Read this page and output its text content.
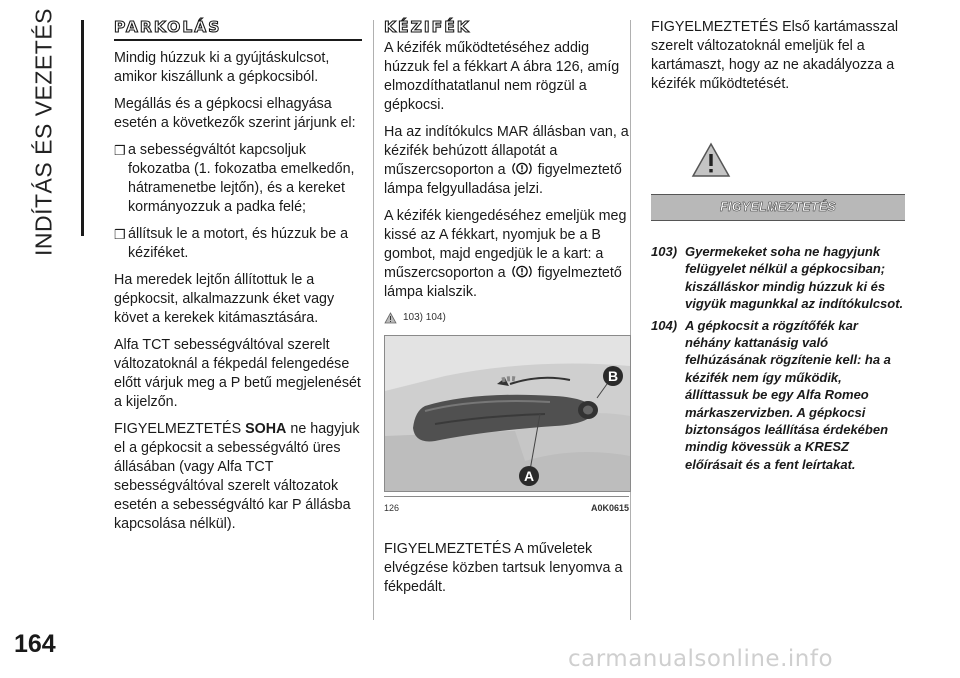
INDÍTÁS ÉS VEZETÉS
164
PARKOLÁS

Mindig húzzuk ki a gyújtáskulcsot, amikor kiszállunk a gépkocsiból.

Megállás és a gépkocsi elhagyása esetén a következők szerint járjunk el:

❒ a sebességváltót kapcsoljuk fokozatba (1. fokozatba emelkedőn, hátramenetbe lejtőn), és a kereket kormányozzuk a padka felé;
❒ állítsuk le a motort, és húzzuk be a kéziféket.

Ha meredek lejtőn állítottuk le a gépkocsit, alkalmazzunk éket vagy követ a kerekek kitámasztására.

Alfa TCT sebességváltóval szerelt változatoknál a fékpedál felengedése előtt várjuk meg a P betű megjelenését a kijelzőn.

FIGYELMEZTETÉS SOHA ne hagyjuk el a gépkocsit a sebességváltó üres állásában (vagy Alfa TCT sebességváltóval szerelt változatok esetén a sebességváltó kar P állásba kapcsolása nélkül).

KÉZIFÉK

A kézifék működtetéséhez addig húzzuk fel a fékkart A ábra 126, amíg elmozdíthatatlanul nem rögzül a gépkocsi.

Ha az indítókulcs MAR állásban van, a kézifék behúzott állapotát a műszercsoporton a figyelmeztető lámpa felgyulladása jelzi.

A kézifék kiengedéséhez emeljük meg kissé az A fékkart, nyomjuk be a B gombot, majd engedjük le a kart: a műszercsoporton a figyelmeztető lámpa kialszik.

103) 104)
B
A
126	A0K0615

FIGYELMEZTETÉS A műveletek elvégzése közben tartsuk lenyomva a fékpedált.

FIGYELMEZTETÉS Első kartámasszal szerelt változatoknál emeljük fel a kartámaszt, hogy az ne akadályozza a kézifék működtetését.

FIGYELMEZTETÉS
103) Gyermekeket soha ne hagyjunk felügyelet nélkül a gépkocsiban; kiszálláskor mindig húzzuk ki és vigyük magunkkal az indítókulcsot.
104) A gépkocsit a rögzítőfék kar néhány kattanásig való felhúzásának rögzítenie kell: ha a kézifék nem így működik, állíttassuk be egy Alfa Romeo márkaszervizben. A gépkocsi biztonságos leállítása érdekében mindig kövessük a KRESZ előírásait és a fent leírtakat.
carmanualsonline.info
